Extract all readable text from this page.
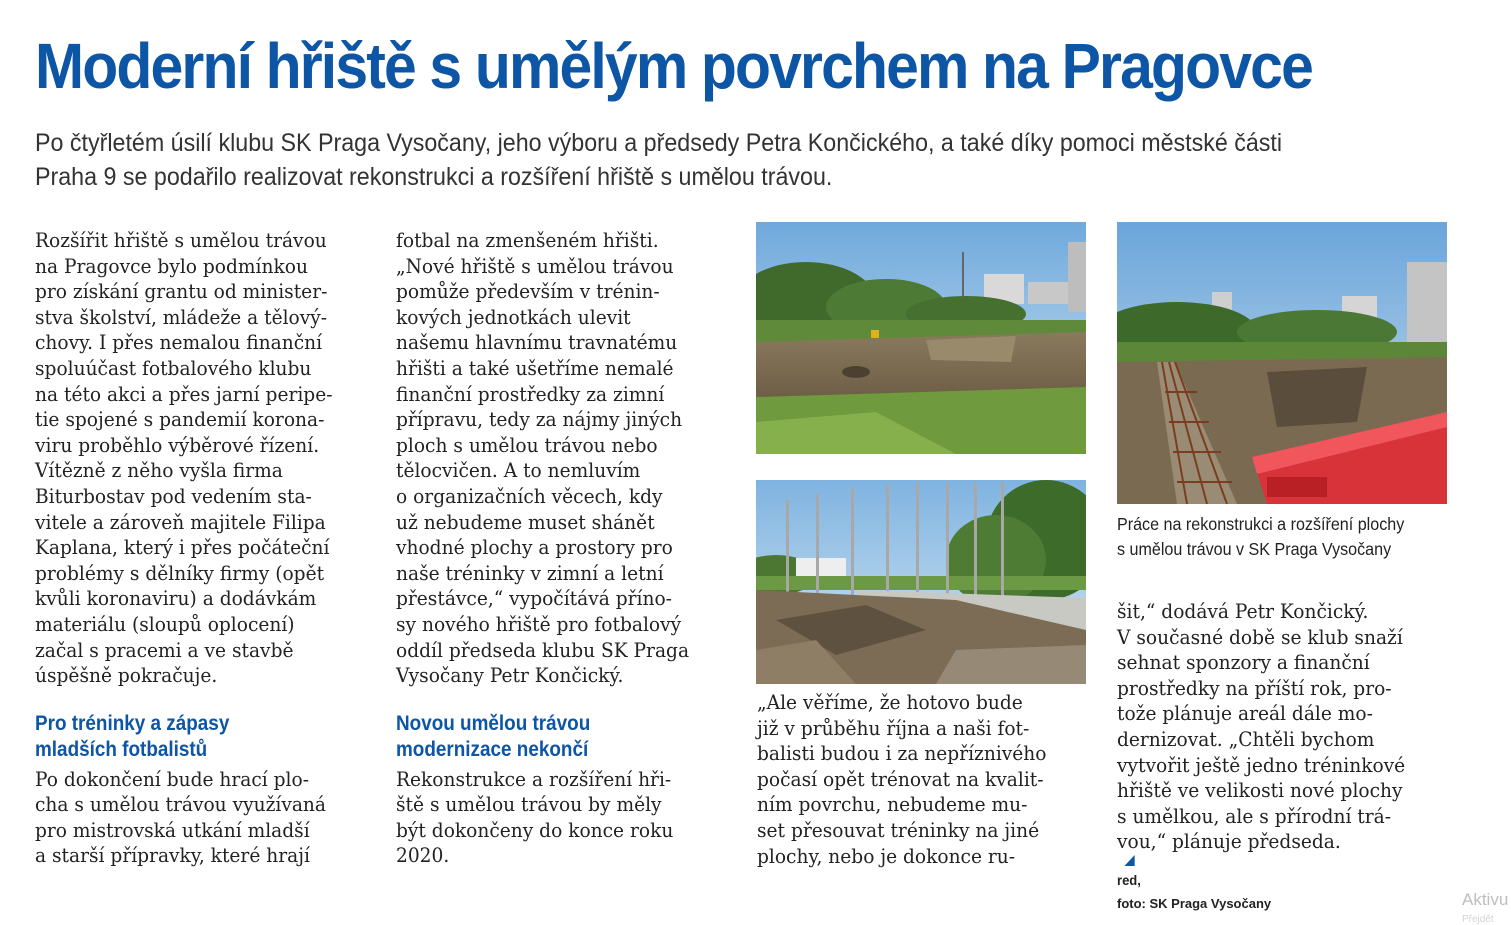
Moderní hřiště s umělým povrchem na Pragovce

Po čtyřletém úsilí klubu SK Praga Vysočany, jeho výboru a předsedy Petra Končického, a také díky pomoci městské části
Praha 9 se podařilo realizovat rekonstrukci a rozšíření hřiště s umělou trávou.

Rozšířit hřiště s umělou trávou
na Pragovce bylo podmínkou
pro získání grantu od minister-
stva školství, mládeže a tělový-
chovy. I přes nemalou finanční
spoluúčast fotbalového klubu
na této akci a přes jarní peripe-
tie spojené s pandemií korona-
viru proběhlo výběrové řízení.
Vítězně z něho vyšla firma
Biturbostav pod vedením sta-
vitele a zároveň majitele Filipa
Kaplana, který i přes počáteční
problémy s dělníky firmy (opět
kvůli koronaviru) a dodávkám
materiálu (sloupů oplocení)
začal s pracemi a ve stavbě
úspěšně pokračuje.

Pro tréninky a zápasy
mladších fotbalistů

Po dokončení bude hrací plo-
cha s umělou trávou využívaná
pro mistrovská utkání mladší
a starší přípravky, které hrají

fotbal na zmenšeném hřišti.
„Nové hřiště s umělou trávou
pomůže především v trénin-
kových jednotkách ulevit
našemu hlavnímu travnatému
hřišti a také ušetříme nemalé
finanční prostředky za zimní
přípravu, tedy za nájmy jiných
ploch s umělou trávou nebo
tělocvičen. A to nemluvím
o organizačních věcech, kdy
už nebudeme muset shánět
vhodné plochy a prostory pro
naše tréninky v zimní a letní
přestávce,“ vypočítává příno-
sy nového hřiště pro fotbalový
oddíl předseda klubu SK Praga
Vysočany Petr Končický.

Novou umělou trávou
modernizace nekončí

Rekonstrukce a rozšíření hři-
ště s umělou trávou by měly
být dokončeny do konce roku
2020.

„Ale věříme, že hotovo bude
již v průběhu října a naši fot-
balisti budou i za nepříznivého
počasí opět trénovat na kvalit-
ním povrchu, nebudeme mu-
set přesouvat tréninky na jiné
plochy, nebo je dokonce ru-

Práce na rekonstrukci a rozšíření plochy
s umělou trávou v SK Praga Vysočany

šit,“ dodává Petr Končický.
V současné době se klub snaží
sehnat sponzory a finanční
prostředky na příští rok, pro-
tože plánuje areál dále mo-
dernizovat. „Chtěli bychom
vytvořit ještě jedno tréninkové
hřiště ve velikosti nové plochy
s umělkou, ale s přírodní trá-
vou,“ plánuje předseda.
red,

foto: SK Praga Vysočany	Aktivu
Přejdět
